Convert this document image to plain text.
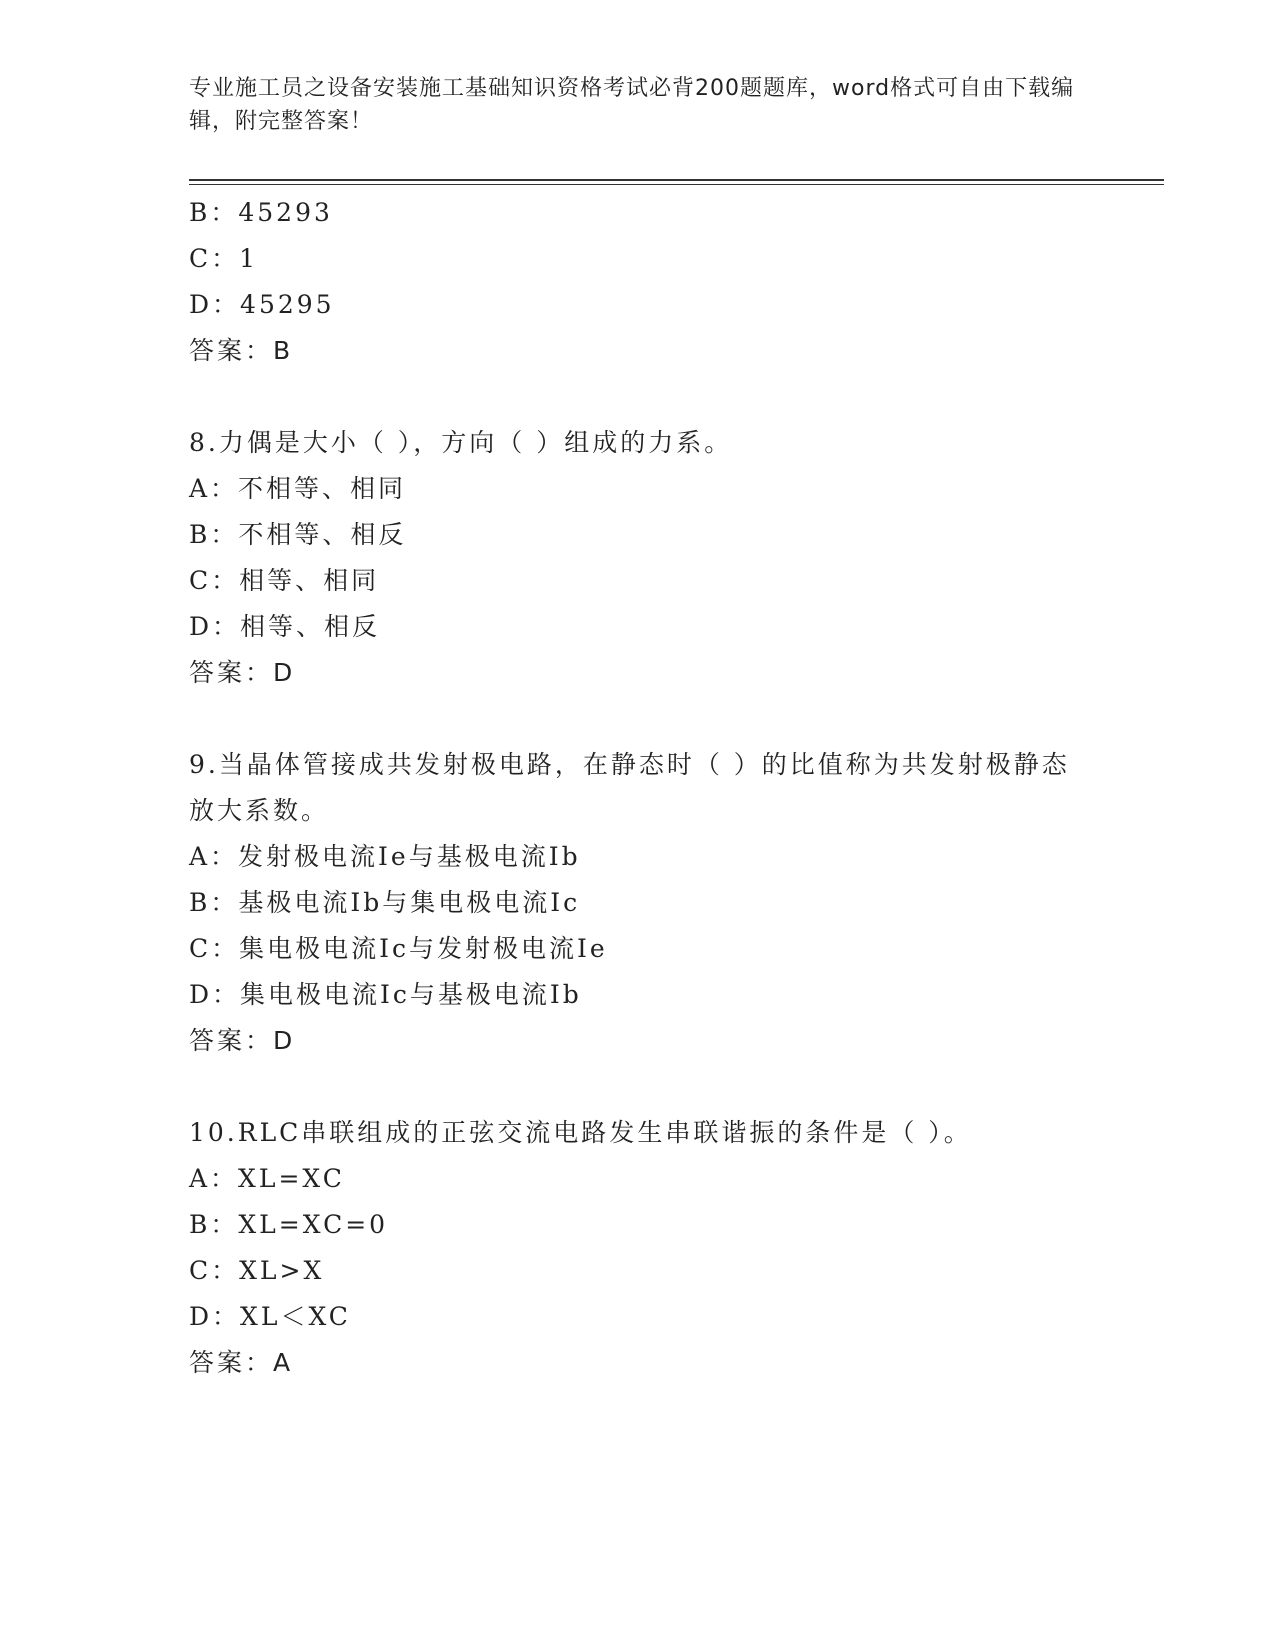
专业施工员之设备安装施工基础知识资格考试必背200题题库，word格式可自由下载编辑，附完整答案！
B：45293
C：1
D：45295
答案：B
8.力偶是大小（ ），方向（ ）组成的力系。
A：不相等、相同
B：不相等、相反
C：相等、相同
D：相等、相反
答案：D
9.当晶体管接成共发射极电路，在静态时（ ）的比值称为共发射极静态放大系数。
A：发射极电流Ie与基极电流Ib
B：基极电流Ib与集电极电流Ic
C：集电极电流Ic与发射极电流Ie
D：集电极电流Ic与基极电流Ib
答案：D
10.RLC串联组成的正弦交流电路发生串联谐振的条件是（ ）。
A：XL=XC
B：XL=XC=0
C：XL>X
D：XL＜XC
答案：A
